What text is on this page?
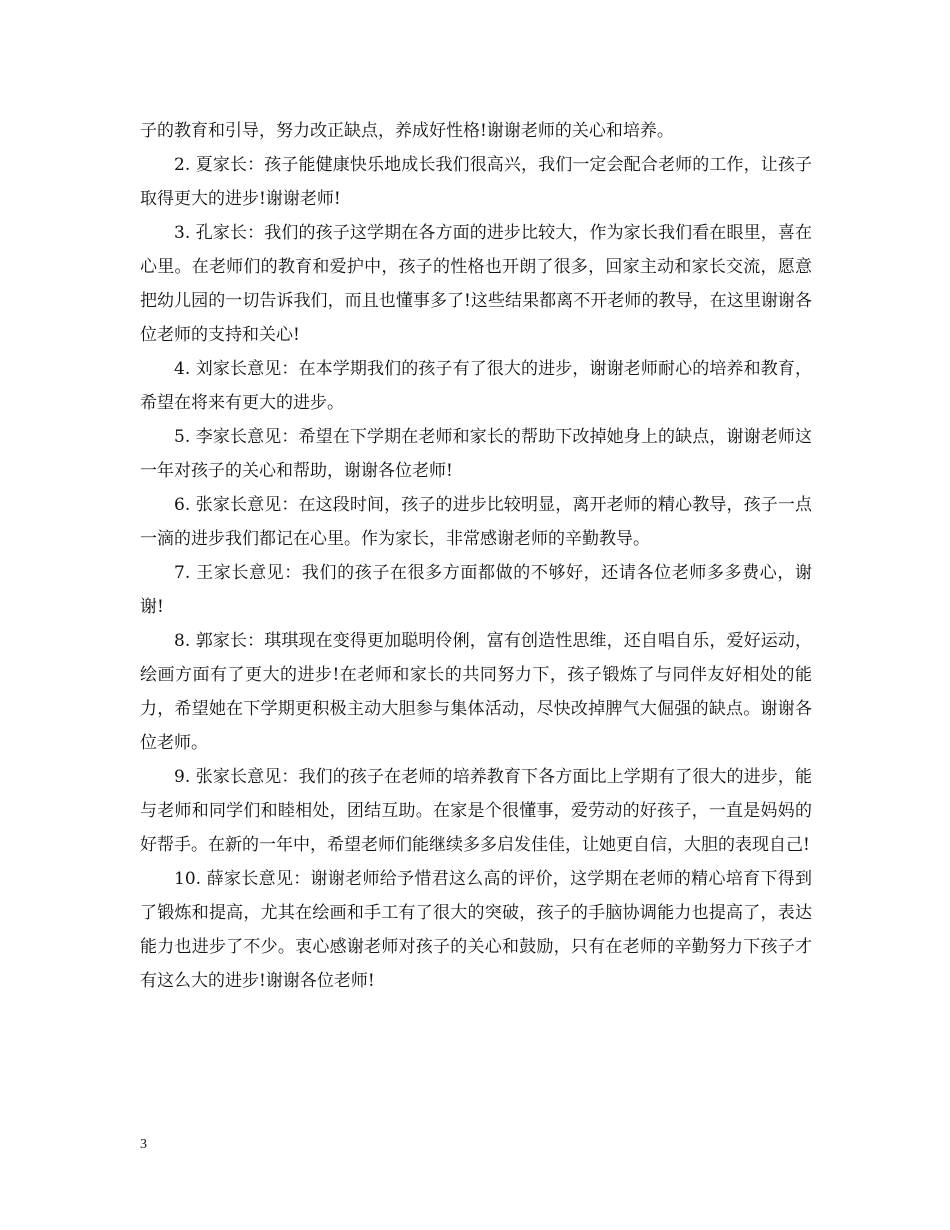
子的教育和引导，努力改正缺点，养成好性格!谢谢老师的关心和培养。

2. 夏家长：孩子能健康快乐地成长我们很高兴，我们一定会配合老师的工作，让孩子取得更大的进步!谢谢老师!

3. 孔家长：我们的孩子这学期在各方面的进步比较大，作为家长我们看在眼里，喜在心里。在老师们的教育和爱护中，孩子的性格也开朗了很多，回家主动和家长交流，愿意把幼儿园的一切告诉我们，而且也懂事多了!这些结果都离不开老师的教导，在这里谢谢各位老师的支持和关心!

4. 刘家长意见：在本学期我们的孩子有了很大的进步，谢谢老师耐心的培养和教育，希望在将来有更大的进步。

5. 李家长意见：希望在下学期在老师和家长的帮助下改掉她身上的缺点，谢谢老师这一年对孩子的关心和帮助，谢谢各位老师!

6. 张家长意见：在这段时间，孩子的进步比较明显，离开老师的精心教导，孩子一点一滴的进步我们都记在心里。作为家长，非常感谢老师的辛勤教导。

7. 王家长意见：我们的孩子在很多方面都做的不够好，还请各位老师多多费心，谢谢!

8. 郭家长：琪琪现在变得更加聪明伶俐，富有创造性思维，还自唱自乐，爱好运动，绘画方面有了更大的进步!在老师和家长的共同努力下，孩子锻炼了与同伴友好相处的能力，希望她在下学期更积极主动大胆参与集体活动，尽快改掉脾气大倔强的缺点。谢谢各位老师。

9. 张家长意见：我们的孩子在老师的培养教育下各方面比上学期有了很大的进步，能与老师和同学们和睦相处，团结互助。在家是个很懂事，爱劳动的好孩子，一直是妈妈的好帮手。在新的一年中，希望老师们能继续多多启发佳佳，让她更自信，大胆的表现自己!

10. 薛家长意见：谢谢老师给予惜君这么高的评价，这学期在老师的精心培育下得到了锻炼和提高，尤其在绘画和手工有了很大的突破，孩子的手脑协调能力也提高了，表达能力也进步了不少。衷心感谢老师对孩子的关心和鼓励，只有在老师的辛勤努力下孩子才有这么大的进步!谢谢各位老师!

3
